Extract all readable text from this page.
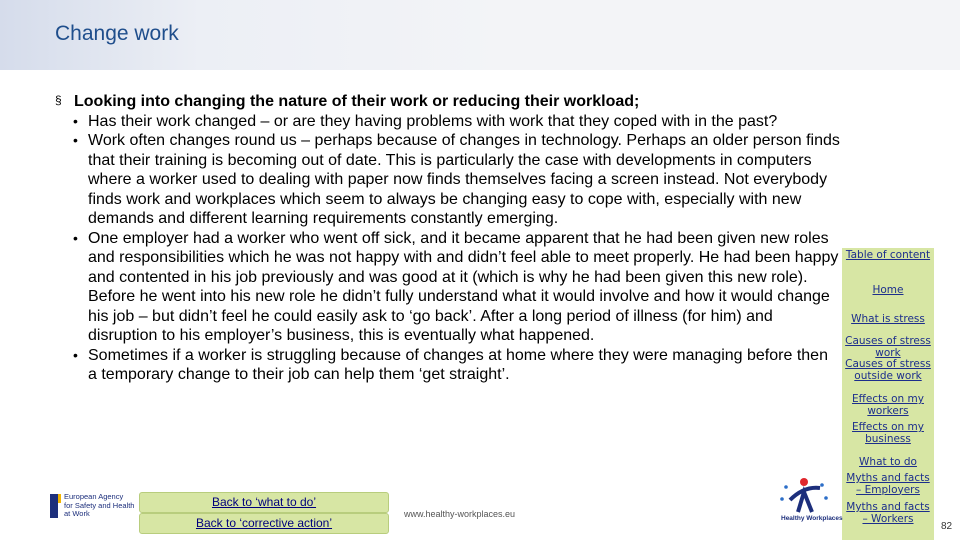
Change work
§ Looking into changing the nature of their work or reducing their workload;
• Has their work changed – or are they having problems with work that they coped with in the past?
• Work often changes round us – perhaps because of changes in technology. Perhaps an older person finds that their training is becoming out of date. This is particularly the case with developments in computers where a worker used to dealing with paper now finds themselves facing a screen instead. Not everybody finds work and workplaces which seem to always be changing easy to cope with, especially with new demands and different learning requirements constantly emerging.
• One employer had a worker who went off sick, and it became apparent that he had been given new roles and responsibilities which he was not happy with and didn’t feel able to meet properly. He had been happy and contented in his job previously and was good at it (which is why he had been given this new role). Before he went into his new role he didn’t fully understand what it would involve and how it would change his job – but didn’t feel he could easily ask to ‘go back’. After a long period of illness (for him) and disruption to his employer’s business, this is eventually what happened.
• Sometimes if a worker is struggling because of changes at home where they were managing before then a temporary change to their job can help them ‘get straight’.
Table of content
Home
What is stress
Causes of stress work
Causes of stress outside work
Effects on my workers
Effects on my business
What to do
Myths and facts – Employers
Myths and facts – Workers
Back to ‘what to do’
Back to ‘corrective action’
European Agency
for Safety and Health
at Work	www.healthy-workplaces.eu	Healthy Workplaces
82
